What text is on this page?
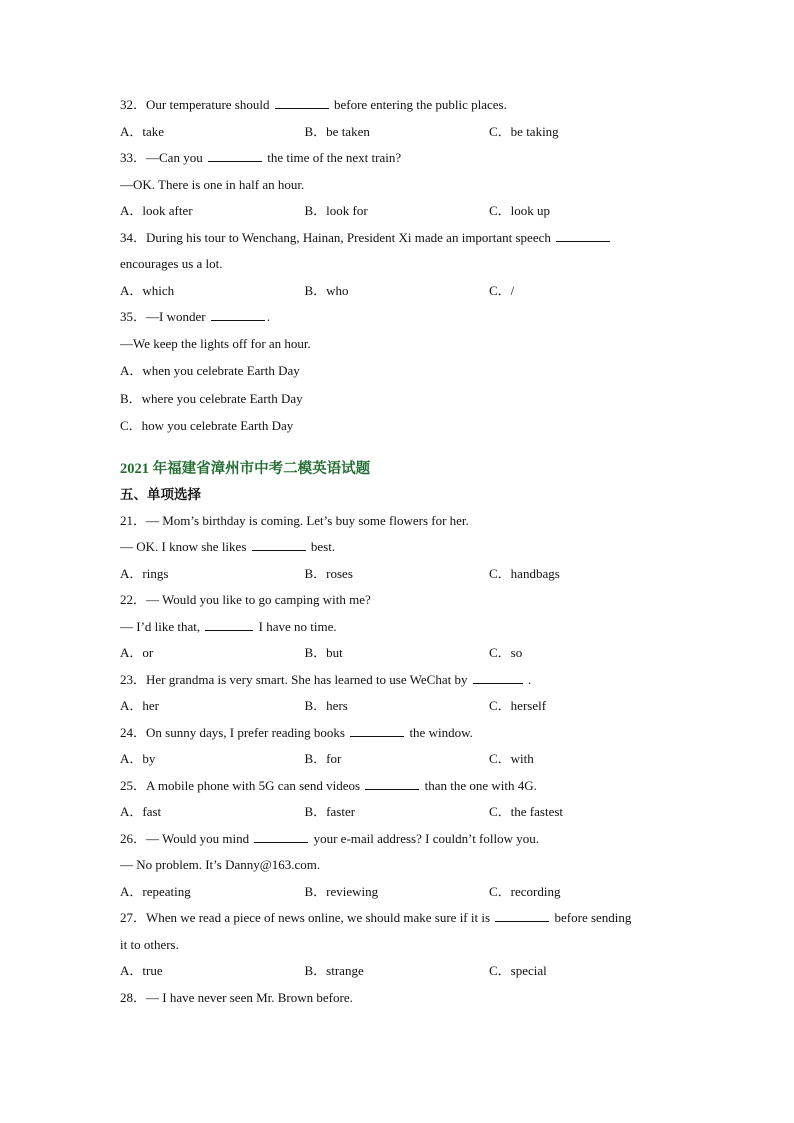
32．Our temperature should	before entering the public places.
A．take	B．be taken	C．be taking
33．—Can you	the time of the next train?
—OK. There is one in half an hour.
A．look after	B．look for	C．look up
34．During his tour to Wenchang, Hainan, President Xi made an important speech
encourages us a lot.
A．which	B．who	C．/
35．—I wonder	.
—We keep the lights off for an hour.
A．when you celebrate Earth Day
B．where you celebrate Earth Day
C．how you celebrate Earth Day
2021 年福建省漳州市中考二模英语试题
五、单项选择
21．— Mom’s birthday is coming. Let’s buy some flowers for her.
— OK. I know she likes	best.
A．rings	B．roses	C．handbags
22．— Would you like to go camping with me?
— I’d like that,	I have no time.
A．or	B．but	C．so
23．Her grandma is very smart. She has learned to use WeChat by	.
A．her	B．hers	C．herself
24．On sunny days, I prefer reading books	the window.
A．by	B．for	C．with
25．A mobile phone with 5G can send videos	than the one with 4G.
A．fast	B．faster	C．the fastest
26．— Would you mind	your e-mail address? I couldn’t follow you.
— No problem. It’s Danny@163.com.
A．repeating	B．reviewing	C．recording
27．When we read a piece of news online, we should make sure if it is	before sending
it to others.
A．true	B．strange	C．special
28．— I have never seen Mr. Brown before.
